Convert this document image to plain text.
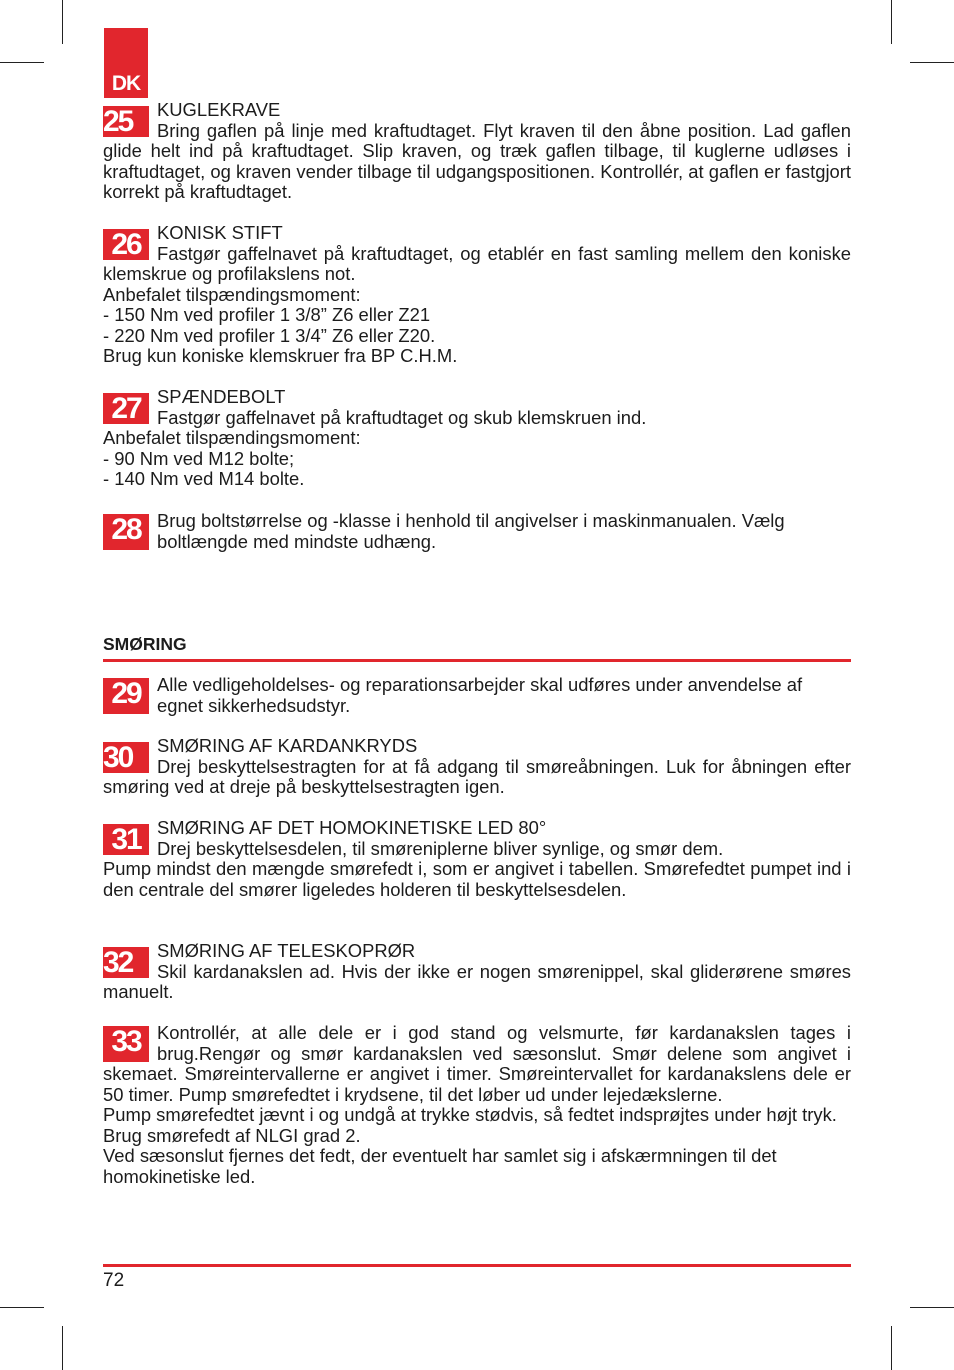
DK
25	KUGLEKRAVE
Bring gaflen på linje med kraftudtaget. Flyt kraven til den åbne position. Lad gaflen glide helt ind på kraftudtaget. Slip kraven, og træk gaflen tilbage, til kuglerne udløses i kraftudtaget, og kraven vender tilbage til udgangspositionen. Kontrollér, at gaflen er fastgjort korrekt på kraftudtaget.
26 KONISK STIFT
Fastgør gaffelnavet på kraftudtaget, og etablér en fast samling mellem den koniske klemskrue og profilakslens not.
Anbefalet tilspændingsmoment:
- 150 Nm ved profiler 1 3/8” Z6 eller Z21
- 220 Nm ved profiler 1 3/4” Z6 eller Z20.
Brug kun koniske klemskruer fra BP C.H.M.
27 SPÆNDEBOLT
Fastgør gaffelnavet på kraftudtaget og skub klemskruen ind.
Anbefalet tilspændingsmoment:
- 90 Nm ved M12 bolte;
- 140 Nm ved M14 bolte.
28 Brug boltstørrelse og -klasse i henhold til angivelser i maskinmanualen. Vælg boltlængde med mindste udhæng.
SMØRING
29 Alle vedligeholdelses- og reparationsarbejder skal udføres under anvendelse af egnet sikkerhedsudstyr.
30	SMØRING AF KARDANKRYDS
Drej beskyttelsestragten for at få adgang til smøreåbningen. Luk for åbningen efter smøring ved at dreje på beskyttelsestragten igen.
31 SMØRING AF DET HOMOKINETISKE LED 80°
Drej beskyttelsesdelen, til smøreniplerne bliver synlige, og smør dem.
Pump mindst den mængde smørefedt i, som er angivet i tabellen. Smørefedtet pumpet ind i den centrale del smører ligeledes holderen til beskyttelsesdelen.
32	SMØRING AF TELESKOPRØR
Skil kardanakslen ad. Hvis der ikke er nogen smørenippel, skal gliderørene smøres manuelt.
33 Kontrollér, at alle dele er i god stand og velsmurte, før kardanakslen tages i brug.Rengør og smør kardanakslen ved sæsonslut. Smør delene som angivet i skemaet. Smøreintervallerne er angivet i timer. Smøreintervallet for kardanakslens dele er 50 timer. Pump smørefedtet i krydsene, til det løber ud under lejedækslerne.
Pump smørefedtet jævnt i og undgå at trykke stødvis, så fedtet indsprøjtes under højt tryk.
Brug smørefedt af NLGI grad 2.
Ved sæsonslut fjernes det fedt, der eventuelt har samlet sig i afskærmningen til det homokinetiske led.
72
